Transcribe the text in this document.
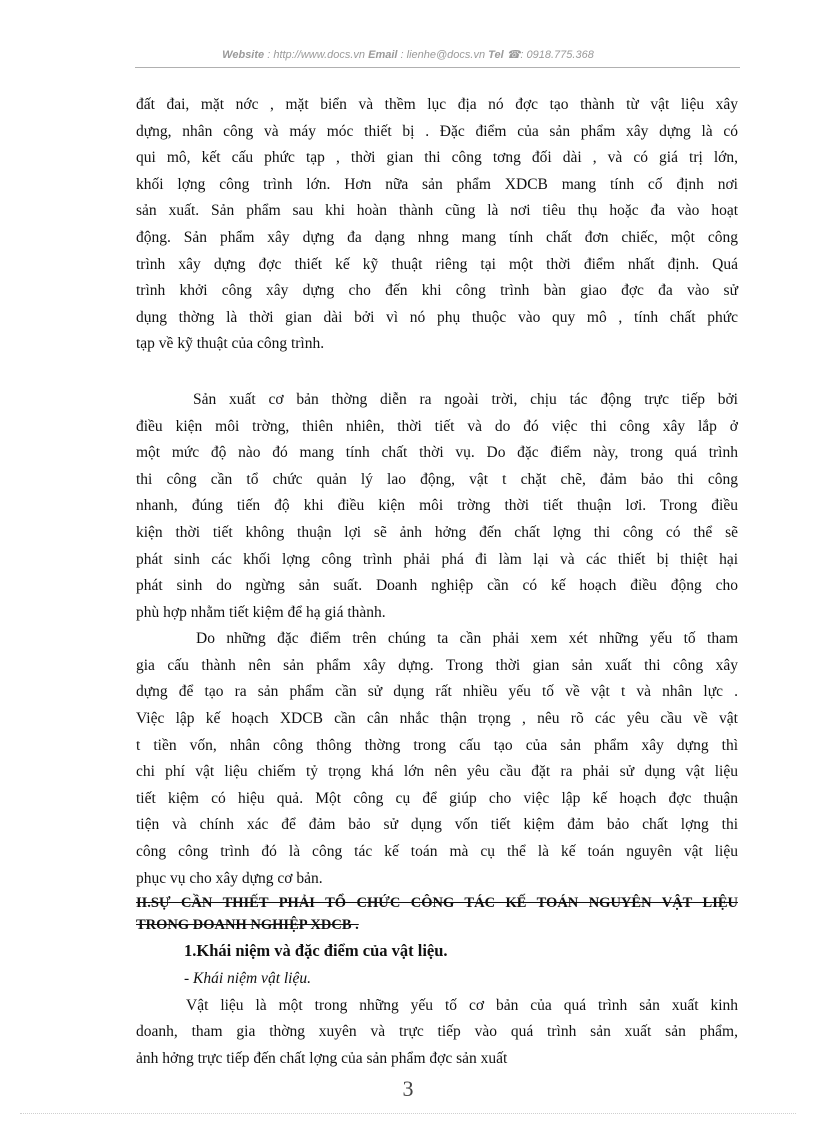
Website : http://www.docs.vn Email : lienhe@docs.vn Tel ☎: 0918.775.368
đất đai, mặt nớc , mặt biển và thềm lục địa nó đợc tạo thành từ vật liệu xây
dựng, nhân công và máy móc thiết bị . Đặc điểm của sản phẩm xây dựng là có
qui mô, kết cấu phức tạp , thời gian thi công tơng đối dài , và có giá trị lớn,
khối lợng công trình lớn. Hơn nữa sản phẩm XDCB mang tính cố định nơi
sản xuất. Sản phẩm sau khi hoàn thành cũng là nơi tiêu thụ hoặc đa vào hoạt
động. Sản phẩm xây dựng đa dạng nhng mang tính chất đơn chiếc, một công
trình xây dựng đợc thiết kế kỹ thuật riêng tại một thời điểm nhất định. Quá
trình khởi công xây dựng cho đến khi công trình bàn giao đợc đa vào sử
dụng thờng là thời gian dài bởi vì nó phụ thuộc vào quy mô , tính chất phức
tạp về kỹ thuật của công trình.
Sản xuất cơ bản thờng diễn ra ngoài trời, chịu tác động trực tiếp bởi
điều kiện môi trờng, thiên nhiên, thời tiết và do đó việc thi công xây lắp ở
một mức độ nào đó mang tính chất thời vụ. Do đặc điểm này, trong quá trình
thi công cần tổ chức quản lý lao động, vật t chặt chẽ, đảm bảo thi công
nhanh, đúng tiến độ khi điều kiện môi trờng thời tiết thuận lơi. Trong điều
kiện thời tiết không thuận lợi sẽ ảnh hởng đến chất lợng thi công có thể sẽ
phát sinh các khối lợng công trình phải phá đi làm lại và các thiết bị thiệt hại
phát sinh do ngừng sản suất. Doanh nghiệp cần có kế hoạch điều động cho
phù hợp nhằm tiết kiệm để hạ giá thành.
Do những đặc điểm trên chúng ta cần phải xem xét những yếu tố tham
gia cấu thành nên sản phẩm xây dựng. Trong thời gian sản xuất thi công xây
dựng để tạo ra sản phẩm cần sử dụng rất nhiều yếu tố về vật t và nhân lực .
Việc lập kế hoạch XDCB cần cân nhắc thận trọng , nêu rõ các yêu cầu về vật
t tiền vốn, nhân công thông thờng trong cấu tạo của sản phẩm xây dựng thì
chi phí vật liệu chiếm tỷ trọng khá lớn nên yêu cầu đặt ra phải sử dụng vật liệu
tiết kiệm có hiệu quả. Một công cụ để giúp cho việc lập kế hoạch đợc thuận
tiện và chính xác để đảm bảo sử dụng vốn tiết kiệm đảm bảo chất lợng thi
công công trình đó là công tác kế toán mà cụ thể là kế toán nguyên vật liệu
phục vụ cho xây dựng cơ bản.
II.SỰ CẦN THIẾT PHẢI TỔ CHỨC CÔNG TÁC KẾ TOÁN NGUYÊN VẬT LIỆU
TRONG DOANH NGHIỆP XDCB .
1.Khái niệm và đặc điểm của vật liệu.
- Khái niệm vật liệu.
Vật liệu là một trong những yếu tố cơ bản của quá trình sản xuất kinh
doanh, tham gia thờng xuyên và trực tiếp vào quá trình sản xuất sản phẩm,
ảnh hởng trực tiếp đến chất lợng của sản phẩm đợc sản xuất
3
